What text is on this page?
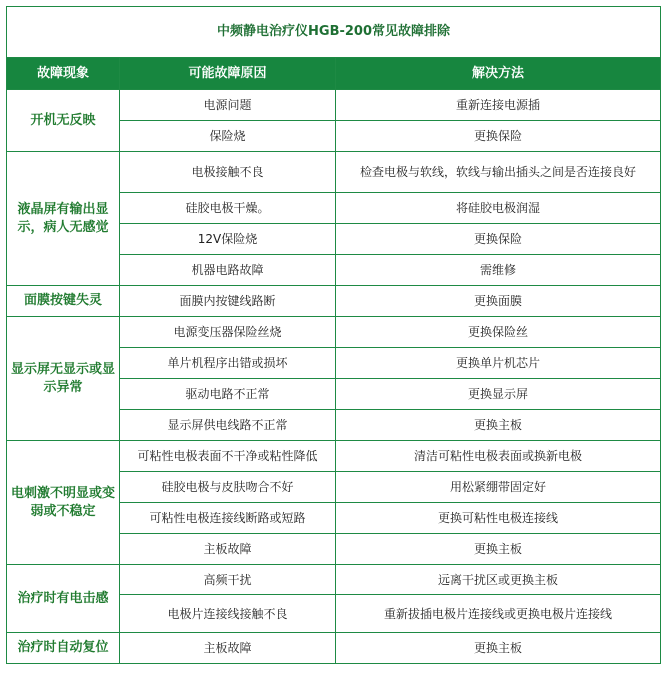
中频静电治疗仪HGB-200常见故障排除		
故障现象	可能故障原因	解决方法
开机无反映	电源问题	重新连接电源插
	保险烧	更换保险
液晶屏有输出显示，病人无感觉	电极接触不良	检查电极与软线，软线与输出插头之间是否连接良好
	硅胶电极干燥。	将硅胶电极润湿
	12V保险烧	更换保险
	机器电路故障	需维修
面膜按键失灵	面膜内按键线路断	更换面膜
显示屏无显示或显示异常	电源变压器保险丝烧	更换保险丝
	单片机程序出错或损坏	更换单片机芯片
	驱动电路不正常	更换显示屏
	显示屏供电线路不正常	更换主板
电刺激不明显或变弱或不稳定	可粘性电极表面不干净或粘性降低	清洁可粘性电极表面或换新电极
	硅胶电极与皮肤吻合不好	用松紧绷带固定好
	可粘性电极连接线断路或短路	更换可粘性电极连接线
	主板故障	更换主板
治疗时有电击感	高频干扰	远离干扰区或更换主板
	电极片连接线接触不良	重新拔插电极片连接线或更换电极片连接线
治疗时自动复位	主板故障	更换主板
